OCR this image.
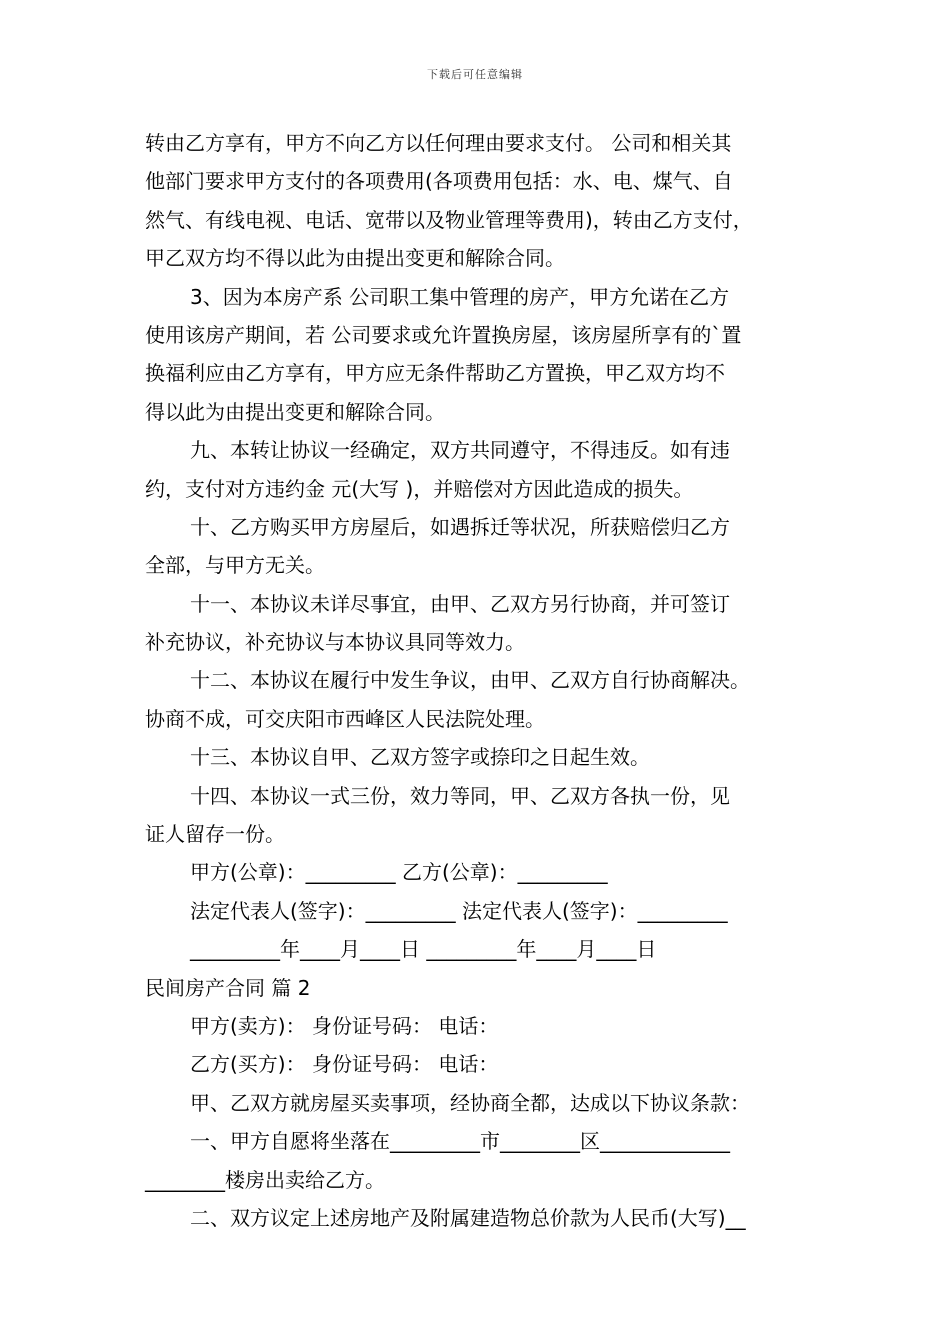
下载后可任意编辑
转由乙方享有，甲方不向乙方以任何理由要求支付。 公司和相关其
他部门要求甲方支付的各项费用(各项费用包括：水、电、煤气、自
然气、有线电视、电话、宽带以及物业管理等费用)，转由乙方支付，
甲乙双方均不得以此为由提出变更和解除合同。
3、因为本房产系 公司职工集中管理的房产，甲方允诺在乙方
使用该房产期间，若 公司要求或允许置换房屋，该房屋所享有的`置
换福利应由乙方享有，甲方应无条件帮助乙方置换，甲乙双方均不
得以此为由提出变更和解除合同。
九、本转让协议一经确定，双方共同遵守，不得违反。如有违
约，支付对方违约金 元(大写 )，并赔偿对方因此造成的损失。
十、乙方购买甲方房屋后，如遇拆迁等状况，所获赔偿归乙方
全部，与甲方无关。
十一、本协议未详尽事宜，由甲、乙双方另行协商，并可签订
补充协议，补充协议与本协议具同等效力。
十二、本协议在履行中发生争议，由甲、乙双方自行协商解决。
协商不成，可交庆阳市西峰区人民法院处理。
十三、本协议自甲、乙双方签字或捺印之日起生效。
十四、本协议一式三份，效力等同，甲、乙双方各执一份，见
证人留存一份。
甲方(公章)：_________ 乙方(公章)：_________
法定代表人(签字)：_________ 法定代表人(签字)：_________
_________年____月____日 _________年____月____日
民间房产合同 篇 2
甲方(卖方)： 身份证号码： 电话：
乙方(买方)： 身份证号码： 电话：
甲、乙双方就房屋买卖事项，经协商全都，达成以下协议条款：
一、甲方自愿将坐落在_________市________区_____________
________楼房出卖给乙方。
二、双方议定上述房地产及附属建造物总价款为人民币(大写)__
